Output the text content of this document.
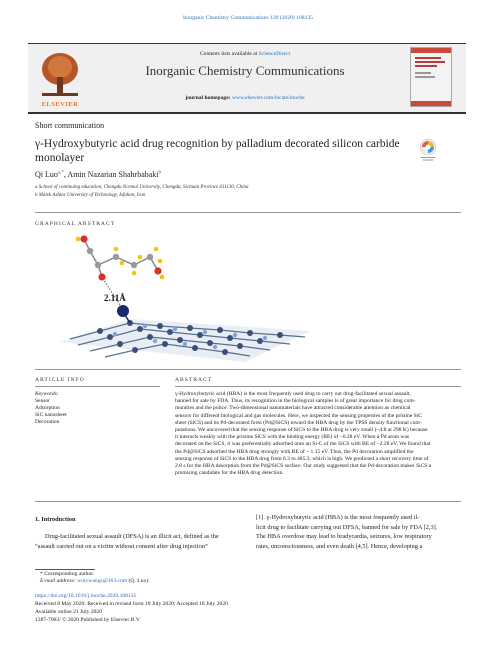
Inorganic Chemistry Communications 120 (2020) 108135
ELSEVIER
Contents lists available at ScienceDirect
Inorganic Chemistry Communications
journal homepage: www.elsevier.com/locate/inoche
Short communication
γ-Hydroxybutyric acid drug recognition by palladium decorated silicon carbide monolayer
Qi Luo$^{a,*}$, Amin Nazarian Shahrbabaki$^b$
a School of continuing education, Chengdu Normal University, Chengdu, Sichuan Province 611130, China
b Malek Ashtar University of Technology, Isfahan, Iran
GRAPHICAL ABSTRACT
2.11Å
ARTICLE INFO	ABSTRACT
Keywords:
Sensor
Adsorption
SiC nanosheet
Decoration
γ-Hydroxybutyric acid (HBA) is the most frequently used drug to carry out drug-facilitated sexual assault,
banned for sale by FDA. Thus, its recognition in the biological samples is of great importance for drug com-
munities and the police. Two-dimensional nanomaterials have attracted considerable attention as chemical
sensors for different biological and gas molecules. Here, we inspected the sensing properties of the pristine SiC
sheet (SiCS) and its Pd-decorated form (Pd@SiCS) toward the HBA drug by the TPSS density functional com-
putations. We uncovered that the sensing response of SiCS to the HBA drug is very small (~4.8 at 298 K) because
it interacts weakly with the pristine SiCS with the binding energy (BE) of −0.28 eV. When a Pd atom was
decorated on the SiCS, it was preferentially adsorbed onto an Si-C of the SiCS with BE of −2.28 eV. We found that
the Pd@SiCS adsorbed the HBA drug strongly with BE of ~ 1.15 eV. Thus, the Pd decoration amplified the
sensing response of SiCS to the HBA drug from 6.3 to 485.3, which is high. We predicted a short recovery time of
2.8 s for the HBA desorption from the Pd@SiCS surface. Our study suggested that the Pd-decoration makes SiCS a
promising candidate for the HBA drug detection.
1. Introduction
Drug-facilitated sexual assault (DFSA) is an illicit act, defined as the
“assault carried out on a victim without consent after drug injection”
[1]. γ-Hydroxybutyric acid (HBA) is the most frequently used il-
licit drug to facilitate carrying out DFSA, banned for sale by FDA [2,3].
The HBA overdose may lead to bradycardia, seizures, low respiratory
rates, unconsciousness, and even death [4,5]. Hence, developing a
* Corresponding author.
E-mail address: wuiywangs@163.com (Q. Luo).
https://doi.org/10.1016/j.inoche.2020.108135
Received 8 May 2020; Received in revised form 18 July 2020; Accepted 18 July 2020
Available online 21 July 2020
1387-7003/ © 2020 Published by Elsevier B.V.
